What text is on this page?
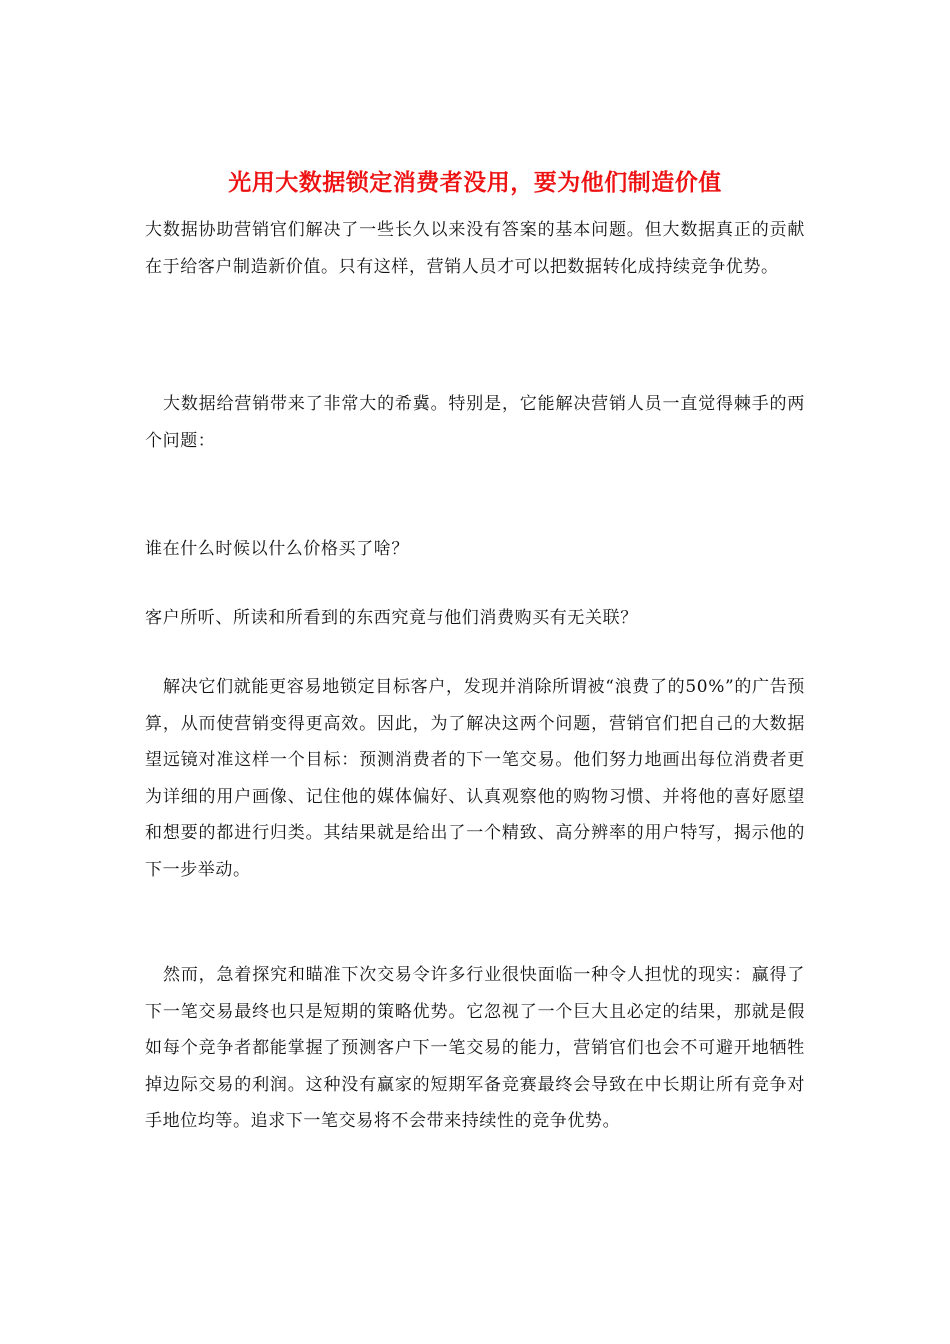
光用大数据锁定消费者没用，要为他们制造价值

大数据协助营销官们解决了一些长久以来没有答案的基本问题。但大数据真正的贡献在于给客户制造新价值。只有这样，营销人员才可以把数据转化成持续竞争优势。

大数据给营销带来了非常大的希冀。特别是，它能解决营销人员一直觉得棘手的两个问题：

谁在什么时候以什么价格买了啥？

客户所听、所读和所看到的东西究竟与他们消费购买有无关联？

解决它们就能更容易地锁定目标客户，发现并消除所谓被“浪费了的50%”的广告预算，从而使营销变得更高效。因此，为了解决这两个问题，营销官们把自己的大数据望远镜对准这样一个目标：预测消费者的下一笔交易。他们努力地画出每位消费者更为详细的用户画像、记住他的媒体偏好、认真观察他的购物习惯、并将他的喜好愿望和想要的都进行归类。其结果就是给出了一个精致、高分辨率的用户特写，揭示他的下一步举动。

然而，急着探究和瞄准下次交易令许多行业很快面临一种令人担忧的现实：赢得了下一笔交易最终也只是短期的策略优势。它忽视了一个巨大且必定的结果，那就是假如每个竞争者都能掌握了预测客户下一笔交易的能力，营销官们也会不可避开地牺牲掉边际交易的利润。这种没有赢家的短期军备竞赛最终会导致在中长期让所有竞争对手地位均等。追求下一笔交易将不会带来持续性的竞争优势。
